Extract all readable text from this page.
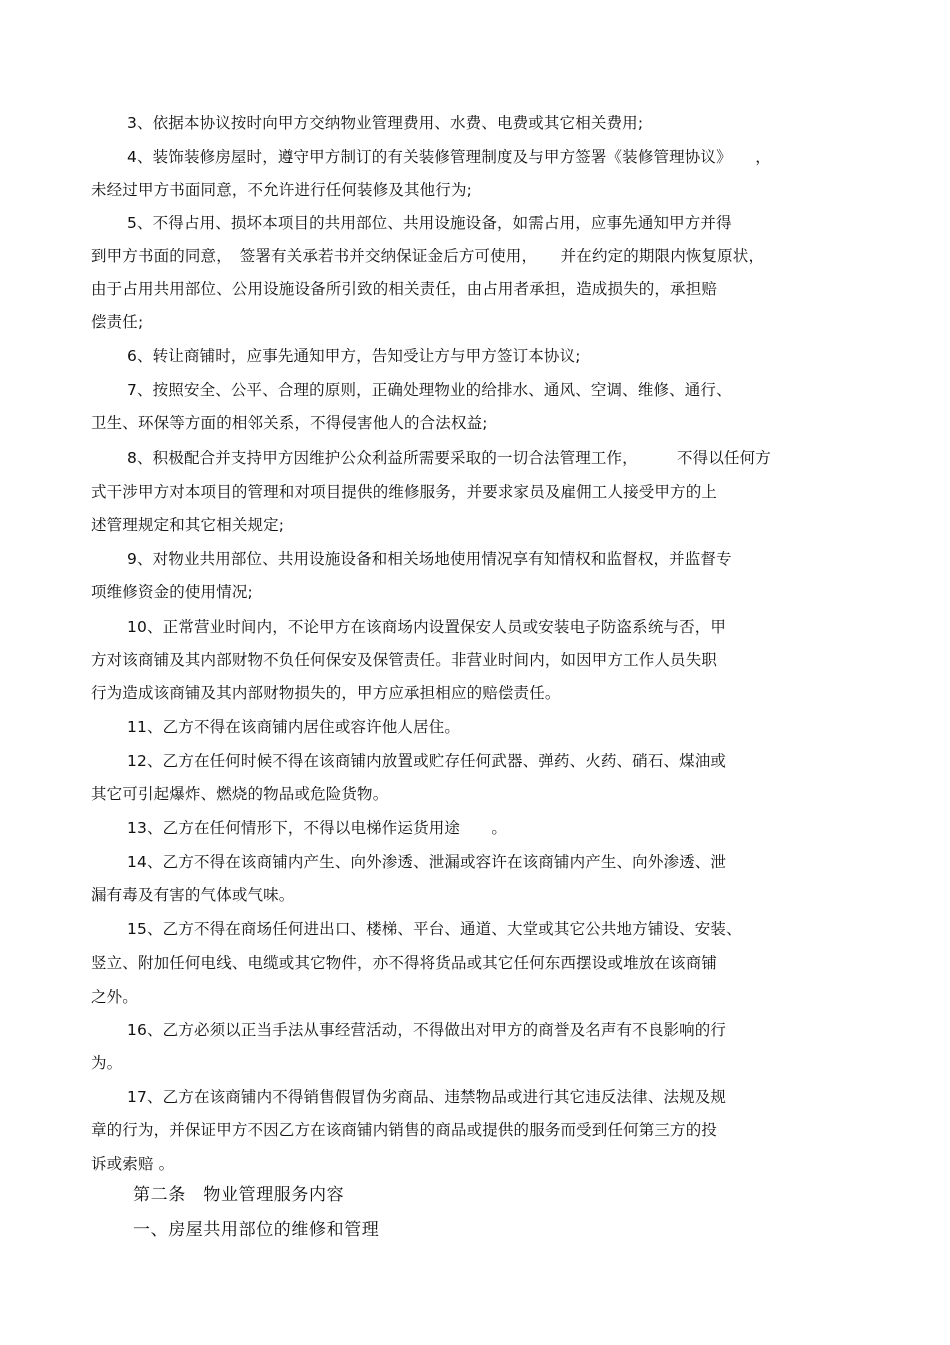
3、依据本协议按时向甲方交纳物业管理费用、水费、电费或其它相关费用;
4、装饰装修房屋时，遵守甲方制订的有关装修管理制度及与甲方签署《装修管理协议》　　，
未经过甲方书面同意，不允许进行任何装修及其他行为;
5、不得占用、损坏本项目的共用部位、共用设施设备，如需占用，应事先通知甲方并得
到甲方书面的同意，　签署有关承若书并交纳保证金后方可使用，　　并在约定的期限内恢复原状，
由于占用共用部位、公用设施设备所引致的相关责任，由占用者承担，造成损失的，承担赔
偿责任;
6、转让商铺时，应事先通知甲方，告知受让方与甲方签订本协议;
7、按照安全、公平、合理的原则，正确处理物业的给排水、通风、空调、维修、通行、
卫生、环保等方面的相邻关系，不得侵害他人的合法权益;
8、积极配合并支持甲方因维护公众利益所需要采取的一切合法管理工作，　　　不得以任何方
式干涉甲方对本项目的管理和对项目提供的维修服务，并要求家员及雇佣工人接受甲方的上
述管理规定和其它相关规定;
9、对物业共用部位、共用设施设备和相关场地使用情况享有知情权和监督权，并监督专
项维修资金的使用情况;
10、正常营业时间内，不论甲方在该商场内设置保安人员或安装电子防盗系统与否，甲
方对该商铺及其内部财物不负任何保安及保管责任。非营业时间内，如因甲方工作人员失职
行为造成该商铺及其内部财物损失的，甲方应承担相应的赔偿责任。
11、乙方不得在该商铺内居住或容许他人居住。
12、乙方在任何时候不得在该商铺内放置或贮存任何武器、弹药、火药、硝石、煤油或
其它可引起爆炸、燃烧的物品或危险货物。
13、乙方在任何情形下，不得以电梯作运货用途　　。
14、乙方不得在该商铺内产生、向外渗透、泄漏或容许在该商铺内产生、向外渗透、泄
漏有毒及有害的气体或气味。
15、乙方不得在商场任何进出口、楼梯、平台、通道、大堂或其它公共地方铺设、安装、
竖立、附加任何电线、电缆或其它物件，亦不得将货品或其它任何东西摆设或堆放在该商铺
之外。
16、乙方必须以正当手法从事经营活动，不得做出对甲方的商誉及名声有不良影响的行
为。
17、乙方在该商铺内不得销售假冒伪劣商品、违禁物品或进行其它违反法律、法规及规
章的行为，并保证甲方不因乙方在该商铺内销售的商品或提供的服务而受到任何第三方的投
诉或索赔 。
第二条　物业管理服务内容
一、房屋共用部位的维修和管理
